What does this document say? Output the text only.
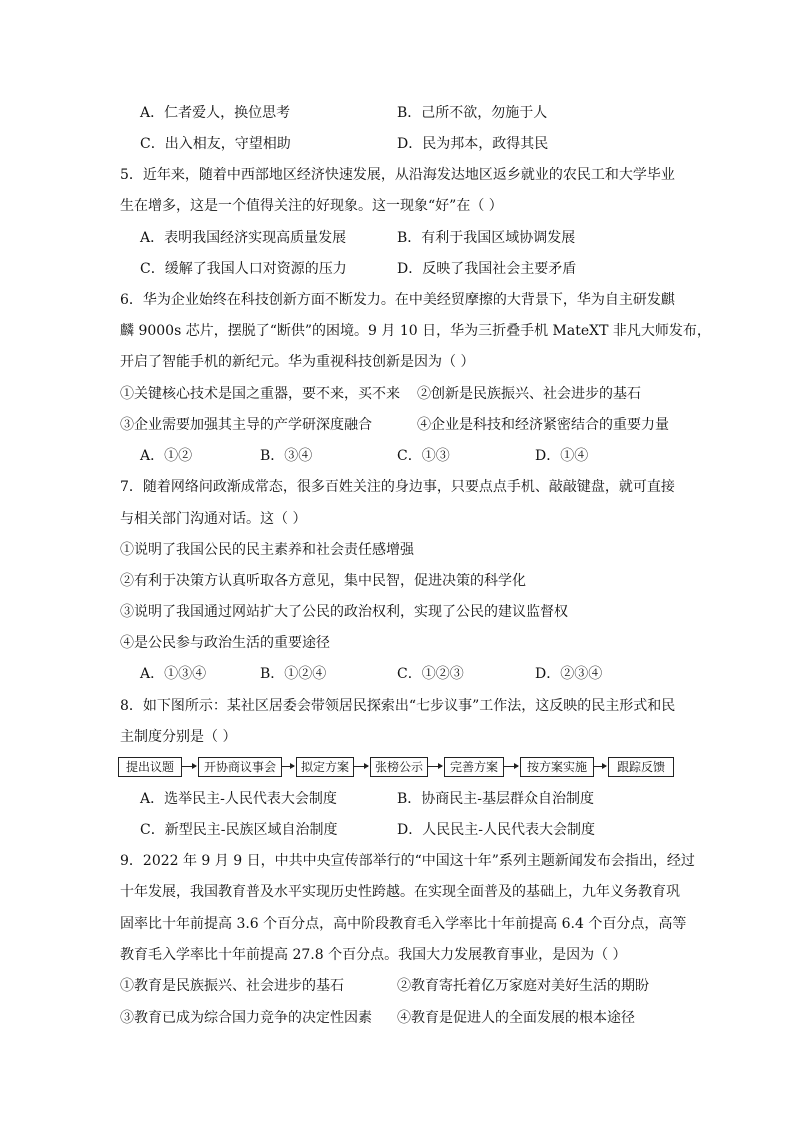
A．仁者爱人，换位思考	B．己所不欲，勿施于人
C．出入相友，守望相助	D．民为邦本，政得其民
5．近年来，随着中西部地区经济快速发展，从沿海发达地区返乡就业的农民工和大学毕业
生在增多，这是一个值得关注的好现象。这一现象“好”在（ ）
A．表明我国经济实现高质量发展	B．有利于我国区域协调发展
C．缓解了我国人口对资源的压力	D．反映了我国社会主要矛盾
6．华为企业始终在科技创新方面不断发力。在中美经贸摩擦的大背景下，华为自主研发麒
麟 9000s 芯片，摆脱了“断供”的困境。9 月 10 日，华为三折叠手机 MateXT 非凡大师发布，
开启了智能手机的新纪元。华为重视科技创新是因为（ ）
①关键核心技术是国之重器，要不来，买不来 ②创新是民族振兴、社会进步的基石
③企业需要加强其主导的产学研深度融合	④企业是科技和经济紧密结合的重要力量
A．①②	B．③④	C．①③	D．①④
7．随着网络问政渐成常态，很多百姓关注的身边事，只要点点手机、敲敲键盘，就可直接
与相关部门沟通对话。这（ ）
①说明了我国公民的民主素养和社会责任感增强
②有利于决策方认真听取各方意见，集中民智，促进决策的科学化
③说明了我国通过网站扩大了公民的政治权利，实现了公民的建议监督权
④是公民参与政治生活的重要途径
A．①③④	B．①②④	C．①②③	D．②③④
8．如下图所示：某社区居委会带领居民探索出“七步议事”工作法，这反映的民主形式和民
主制度分别是（ ）
提出议题	开协商议事会	拟定方案	张榜公示	完善方案	按方案实施	跟踪反馈
A．选举民主-人民代表大会制度	B．协商民主-基层群众自治制度
C．新型民主-民族区域自治制度	D．人民民主-人民代表大会制度
9．2022 年 9 月 9 日，中共中央宣传部举行的“中国这十年”系列主题新闻发布会指出，经过
十年发展，我国教育普及水平实现历史性跨越。在实现全面普及的基础上，九年义务教育巩
固率比十年前提高 3.6 个百分点，高中阶段教育毛入学率比十年前提高 6.4 个百分点，高等
教育毛入学率比十年前提高 27.8 个百分点。我国大力发展教育事业，是因为（ ）
①教育是民族振兴、社会进步的基石	②教育寄托着亿万家庭对美好生活的期盼
③教育已成为综合国力竞争的决定性因素 ④教育是促进人的全面发展的根本途径
